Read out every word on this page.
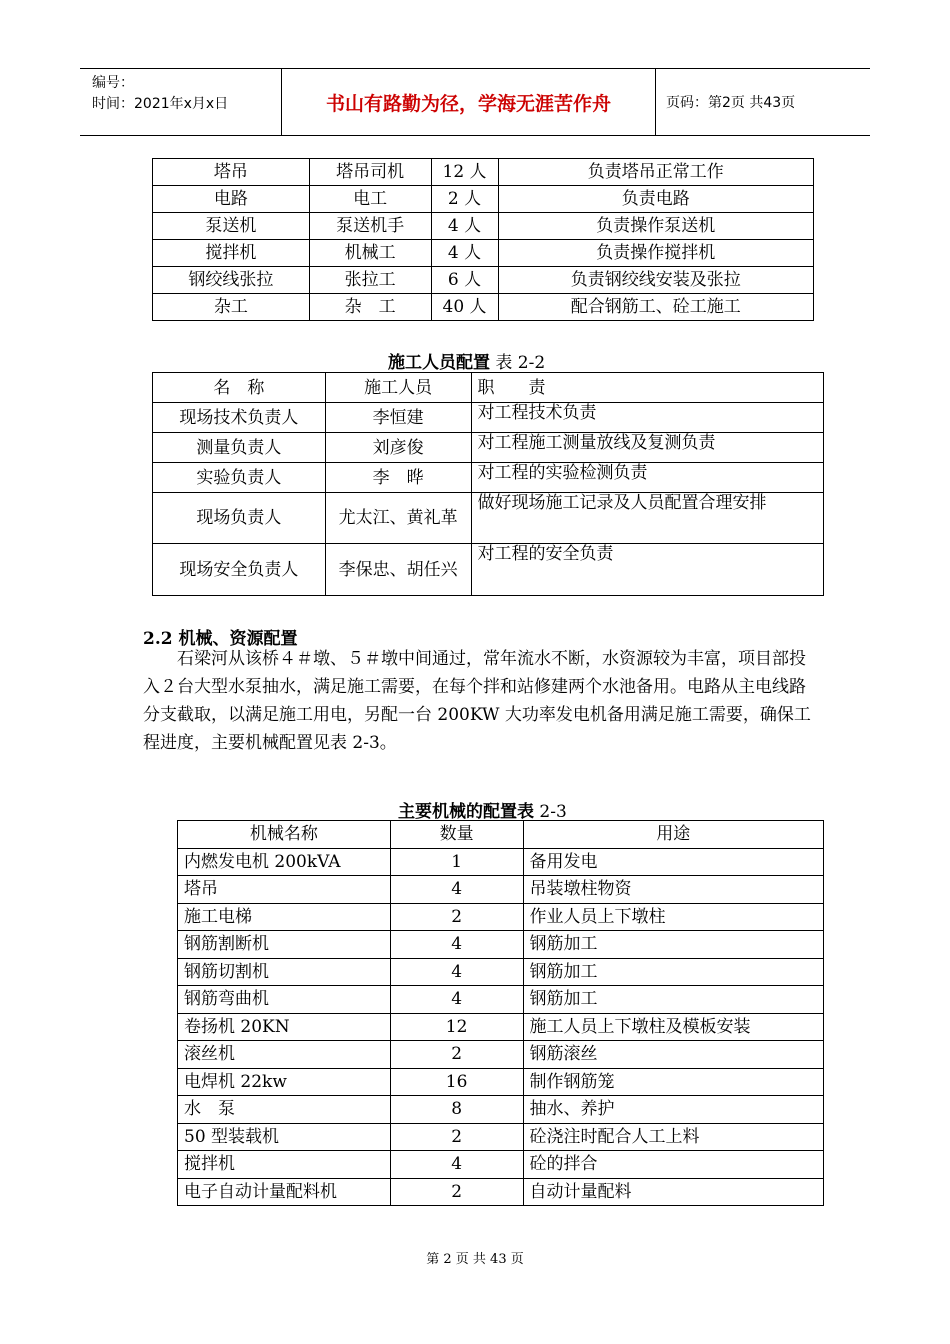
编号：
时间：2021年x月x日	书山有路勤为径，学海无涯苦作舟	页码：第2页 共43页
塔吊	塔吊司机	12 人	负责塔吊正常工作
电路	电工	2 人	负责电路
泵送机	泵送机手	4 人	负责操作泵送机
搅拌机	机械工	4 人	负责操作搅拌机
钢绞线张拉	张拉工	6 人	负责钢绞线安装及张拉
杂工	杂　工	40 人	配合钢筋工、砼工施工
施工人员配置 表 2-2
名　称	施工人员	职　　责
现场技术负责人	李恒建	对工程技术负责
测量负责人	刘彦俊	对工程施工测量放线及复测负责
实验负责人	李　晔	对工程的实验检测负责
现场负责人	尤太江、黄礼革	做好现场施工记录及人员配置合理安排
现场安全负责人	李保忠、胡任兴	对工程的安全负责
2.2 机械、资源配置

石梁河从该桥４＃墩、５＃墩中间通过，常年流水不断，水资源较为丰富，项目部投入２台大型水泵抽水，满足施工需要，在每个拌和站修建两个水池备用。电路从主电线路分支截取，以满足施工用电，另配一台 200KW 大功率发电机备用满足施工需要，确保工程进度，主要机械配置见表 2-3。

主要机械的配置表 2-3
机械名称	数量	用途
内燃发电机 200kVA	1	备用发电
塔吊	4	吊装墩柱物资
施工电梯	2	作业人员上下墩柱
钢筋割断机	4	钢筋加工
钢筋切割机	4	钢筋加工
钢筋弯曲机	4	钢筋加工
卷扬机 20KN	12	施工人员上下墩柱及模板安装
滚丝机	2	钢筋滚丝
电焊机 22kw	16	制作钢筋笼
水　泵	8	抽水、养护
50 型装载机	2	砼浇注时配合人工上料
搅拌机	4	砼的拌合
电子自动计量配料机	2	自动计量配料
第 2 页 共 43 页
